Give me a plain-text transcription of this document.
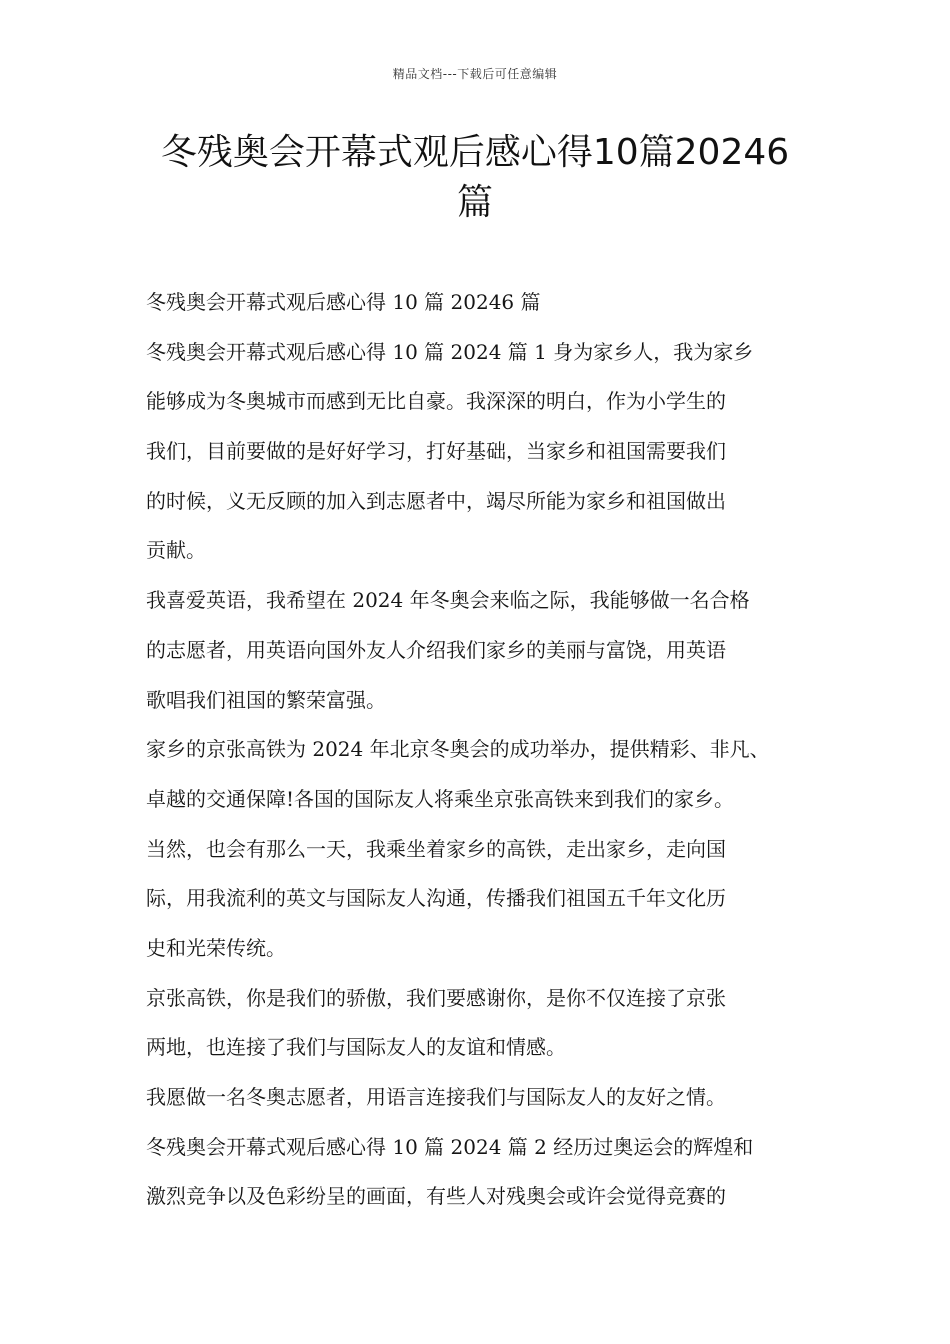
精品文档---下载后可任意编辑
冬残奥会开幕式观后感心得10篇20246
篇

冬残奥会开幕式观后感心得 10 篇 20246 篇

冬残奥会开幕式观后感心得 10 篇 2024 篇 1 身为家乡人，我为家乡
能够成为冬奥城市而感到无比自豪。我深深的明白，作为小学生的
我们，目前要做的是好好学习，打好基础，当家乡和祖国需要我们
的时候，义无反顾的加入到志愿者中，竭尽所能为家乡和祖国做出
贡献。

我喜爱英语，我希望在 2024 年冬奥会来临之际，我能够做一名合格
的志愿者，用英语向国外友人介绍我们家乡的美丽与富饶，用英语
歌唱我们祖国的繁荣富强。

家乡的京张高铁为 2024 年北京冬奥会的成功举办，提供精彩、非凡、
卓越的交通保障!各国的国际友人将乘坐京张高铁来到我们的家乡。

当然，也会有那么一天，我乘坐着家乡的高铁，走出家乡，走向国
际，用我流利的英文与国际友人沟通，传播我们祖国五千年文化历
史和光荣传统。

京张高铁，你是我们的骄傲，我们要感谢你，是你不仅连接了京张
两地，也连接了我们与国际友人的友谊和情感。

我愿做一名冬奥志愿者，用语言连接我们与国际友人的友好之情。

冬残奥会开幕式观后感心得 10 篇 2024 篇 2 经历过奥运会的辉煌和
激烈竞争以及色彩纷呈的画面，有些人对残奥会或许会觉得竞赛的
